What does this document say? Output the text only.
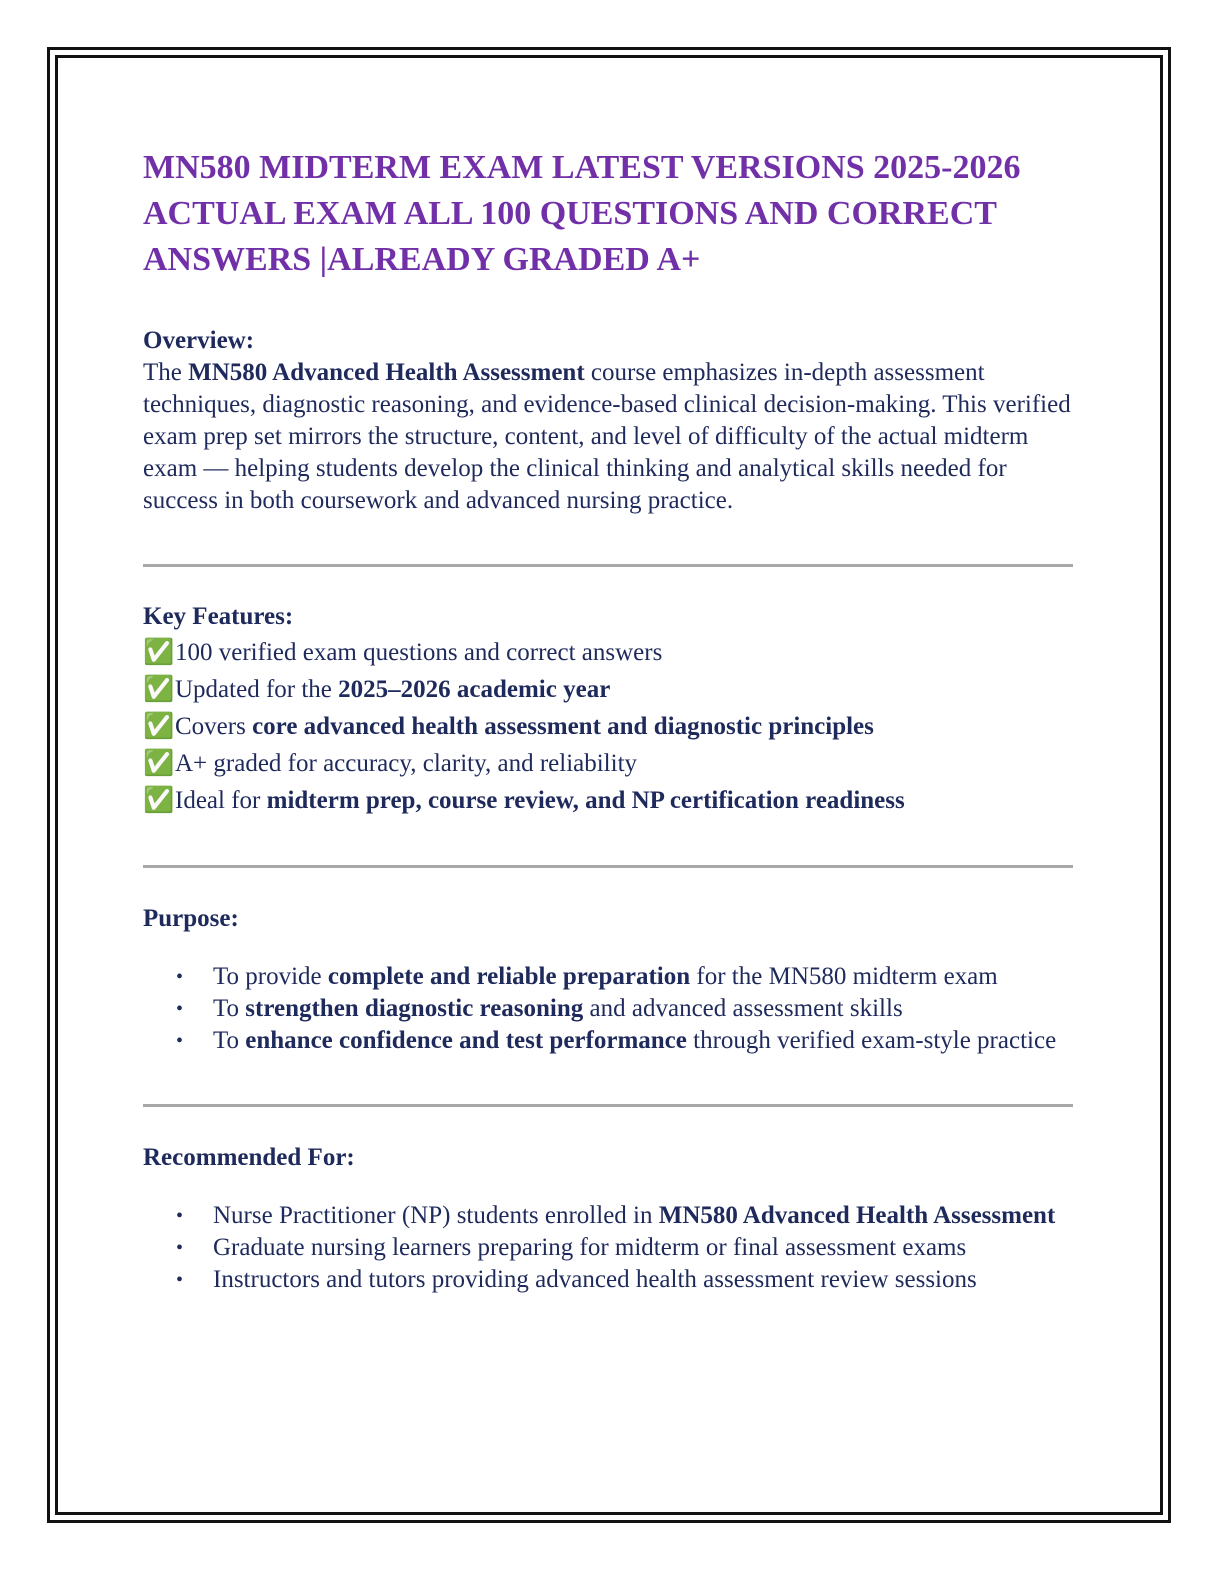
MN580 MIDTERM EXAM LATEST VERSIONS 2025-2026 ACTUAL EXAM ALL 100 QUESTIONS AND CORRECT ANSWERS |ALREADY GRADED A+

Overview:

The MN580 Advanced Health Assessment course emphasizes in-depth assessment techniques, diagnostic reasoning, and evidence-based clinical decision-making. This verified exam prep set mirrors the structure, content, and level of difficulty of the actual midterm exam — helping students develop the clinical thinking and analytical skills needed for success in both coursework and advanced nursing practice.

Key Features:

✅100 verified exam questions and correct answers

✅Updated for the 2025–2026 academic year

✅Covers core advanced health assessment and diagnostic principles

✅A+ graded for accuracy, clarity, and reliability

✅Ideal for midterm prep, course review, and NP certification readiness

Purpose:

• To provide complete and reliable preparation for the MN580 midterm exam
• To strengthen diagnostic reasoning and advanced assessment skills
• To enhance confidence and test performance through verified exam-style practice

Recommended For:

• Nurse Practitioner (NP) students enrolled in MN580 Advanced Health Assessment
• Graduate nursing learners preparing for midterm or final assessment exams
• Instructors and tutors providing advanced health assessment review sessions
